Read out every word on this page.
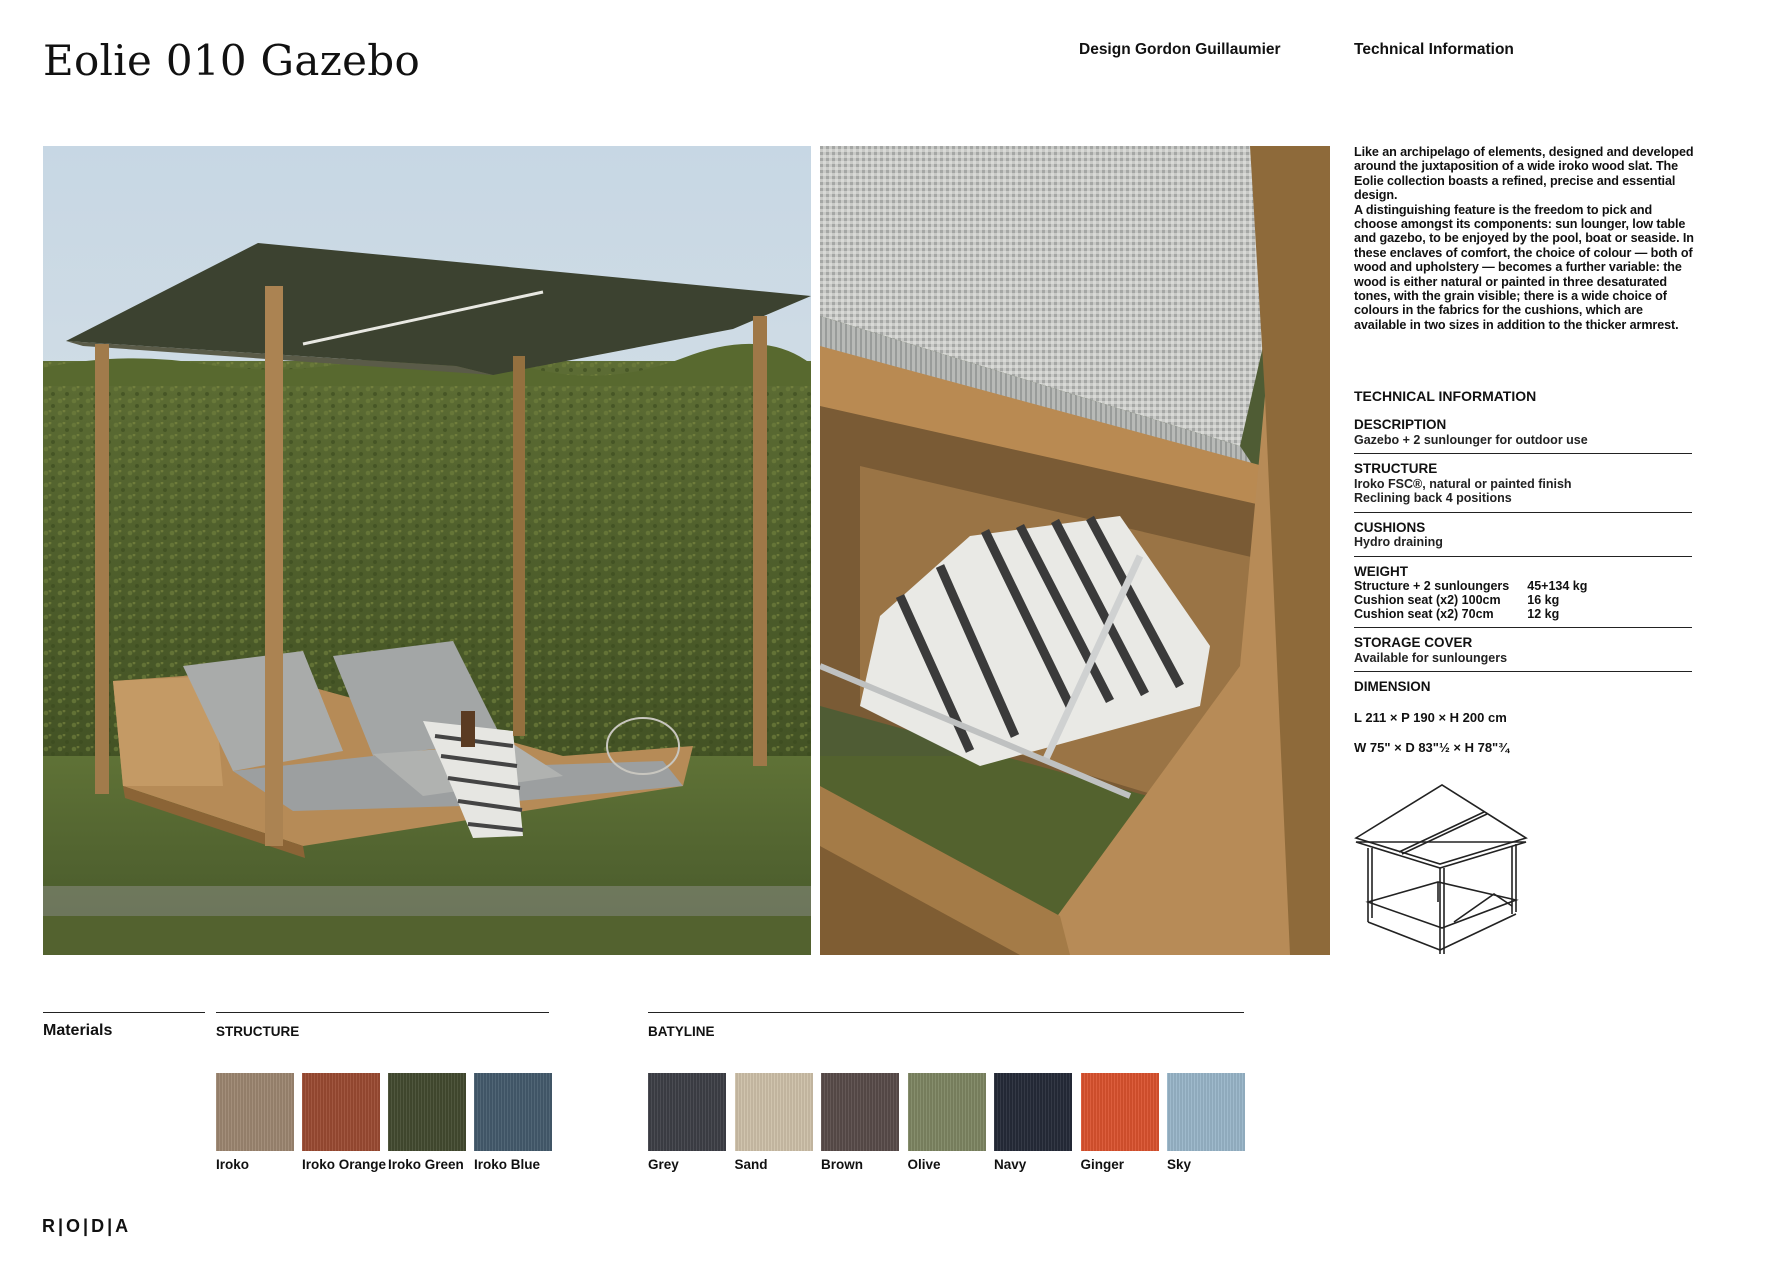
Eolie 010 Gazebo	Design Gordon Guillaumier	Technical Information

Like an archipelago of elements, designed and developed around the juxtaposition of a wide iroko wood slat. The Eolie collection boasts a refined, precise and essential design.

A distinguishing feature is the freedom to pick and choose amongst its components: sun lounger, low table and gazebo, to be enjoyed by the pool, boat or seaside. In these enclaves of comfort, the choice of colour — both of wood and upholstery — becomes a further variable: the wood is either natural or painted in three desaturated tones, with the grain visible; there is a wide choice of colours in the fabrics for the cushions, which are available in two sizes in addition to the thicker armrest.

TECHNICAL INFORMATION
DESCRIPTION
Gazebo + 2 sunlounger for outdoor use
STRUCTURE
Iroko FSC®, natural or painted finish
Reclining back 4 positions
CUSHIONS
Hydro draining
WEIGHT
Structure + 2 sunloungers	45+134 kg
Cushion seat (x2) 100cm	16 kg
Cushion seat (x2) 70cm	12 kg
STORAGE COVER
Available for sunloungers
DIMENSION
L 211 × P 190 × H 200 cm
W 75" × D 83"½ × H 78"¾
Materials	STRUCTURE	BATYLINE
Iroko	Iroko Orange Iroko Green Iroko Blue	Grey	Sand	Brown	Olive	Navy	Ginger	Sky
R|O|D|A
